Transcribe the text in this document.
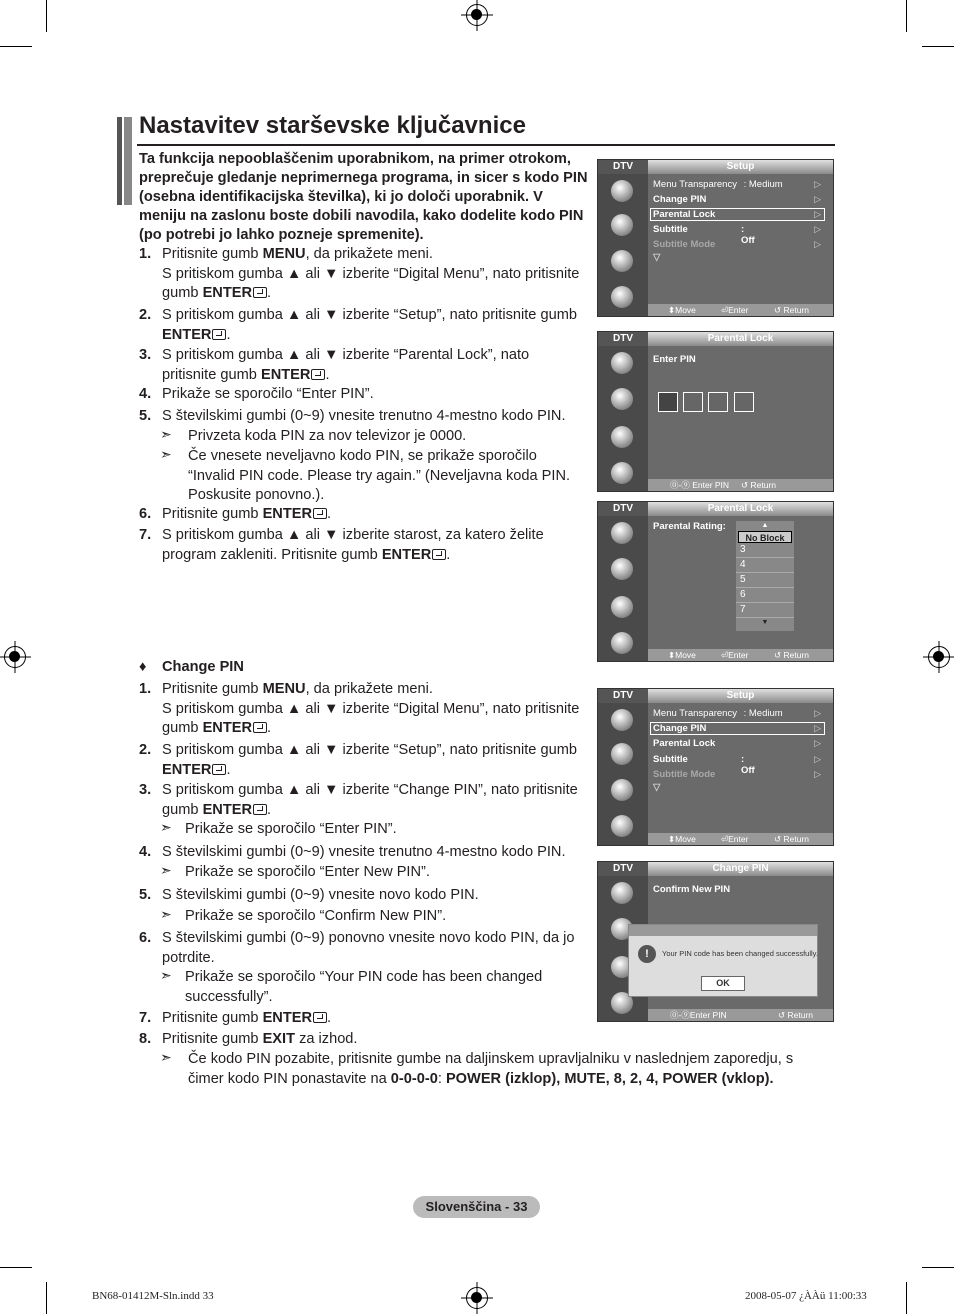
Nastavitev starševske ključavnice
Ta funkcija nepooblaščenim uporabnikom, na primer otrokom, preprečuje gledanje neprimernega programa, in sicer s kodo PIN (osebna identifikacijska številka), ki jo določi uporabnik. V meniju na zaslonu boste dobili navodila, kako dodelite kodo PIN (po potrebi jo lahko pozneje spremenite).
1. Pritisnite gumb MENU, da prikažete meni.
S pritiskom gumba ▲ ali ▼ izberite “Digital Menu”, nato pritisnite
gumb ENTER .
2. S pritiskom gumba ▲ ali ▼ izberite “Setup”, nato pritisnite gumb
ENTER .
3. S pritiskom gumba ▲ ali ▼ izberite “Parental Lock”, nato
pritisnite gumb ENTER .
4. Prikaže se sporočilo “Enter PIN”.
5. S številskimi gumbi (0~9) vnesite trenutno 4-mestno kodo PIN.
➣ Privzeta koda PIN za nov televizor je 0000.
➣ Če vnesete neveljavno kodo PIN, se prikaže sporočilo
“Invalid PIN code. Please try again.” (Neveljavna koda PIN.
Poskusite ponovno.).
6. Pritisnite gumb ENTER .
7. S pritiskom gumba ▲ ali ▼ izberite starost, za katero želite
program zakleniti. Pritisnite gumb ENTER .
♦ Change PIN
1. Pritisnite gumb MENU, da prikažete meni.
S pritiskom gumba ▲ ali ▼ izberite “Digital Menu”, nato pritisnite
gumb ENTER .
2. S pritiskom gumba ▲ ali ▼ izberite “Setup”, nato pritisnite gumb
ENTER .
3. S pritiskom gumba ▲ ali ▼ izberite “Change PIN”, nato pritisnite
gumb ENTER .
➣ Prikaže se sporočilo “Enter PIN”.
4. S številskimi gumbi (0~9) vnesite trenutno 4-mestno kodo PIN.
➣ Prikaže se sporočilo “Enter New PIN”.
5. S številskimi gumbi (0~9) vnesite novo kodo PIN.
➣ Prikaže se sporočilo “Confirm New PIN”.
6. S številskimi gumbi (0~9) ponovno vnesite novo kodo PIN, da jo
potrdite.
➣ Prikaže se sporočilo “Your PIN code has been changed
successfully”.
7. Pritisnite gumb ENTER .
8. Pritisnite gumb EXIT za izhod.
➣ Če kodo PIN pozabite, pritisnite gumbe na daljinskem upravljalniku v naslednjem zaporedju, s
čimer kodo PIN ponastavite na 0-0-0-0: POWER (izklop), MUTE, 8, 2, 4, POWER (vklop).
DTV	Setup
Menu Transparency : Medium	▷
Change PIN	▷
Parental Lock	▷
Subtitle	: Off
▷
Subtitle Mode	▷
▽
⬍Move	⏎Enter	↺ Return
DTV	Parental Lock
Enter PIN
⓪-⑨ Enter PIN ↺ Return
DTV	Parental Lock
Parental Rating:	▲
No Block
3
4
5
6
7
▼
⬍Move	⏎Enter	↺ Return
DTV	Setup
Menu Transparency : Medium	▷
Change PIN	▷
Parental Lock	▷
Subtitle	: Off
▷
Subtitle Mode	▷
▽
⬍Move	⏎Enter	↺ Return
DTV	Change PIN
Confirm New PIN
!	Your PIN code has been changed successfully.
OK
⓪-⑨Enter PIN	↺ Return
Slovenščina - 33
BN68-01412M-Sln.indd 33	2008-05-07 ¿ÀÀü 11:00:33
